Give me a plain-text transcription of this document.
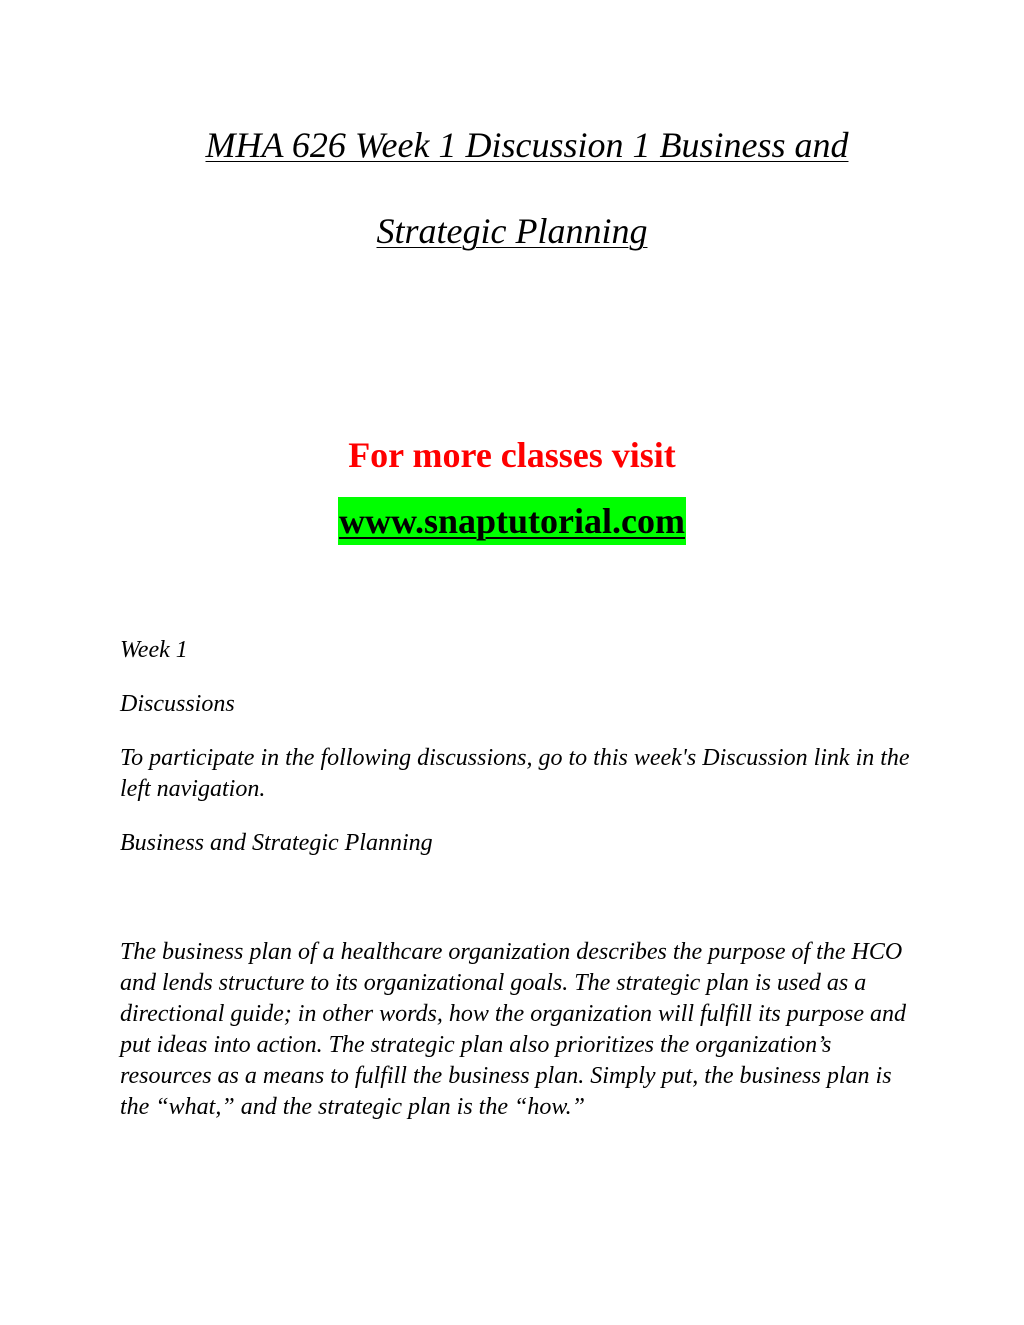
MHA 626 Week 1 Discussion 1 Business and
Strategic Planning
For more classes visit
www.snaptutorial.com

Week 1

Discussions

To participate in the following discussions, go to this week's Discussion link in the left navigation.

Business and Strategic Planning

The business plan of a healthcare organization describes the purpose of the HCO and lends structure to its organizational goals. The strategic plan is used as a directional guide; in other words, how the organization will fulfill its purpose and put ideas into action. The strategic plan also prioritizes the organization’s resources as a means to fulfill the business plan. Simply put, the business plan is the “what,” and the strategic plan is the “how.”
